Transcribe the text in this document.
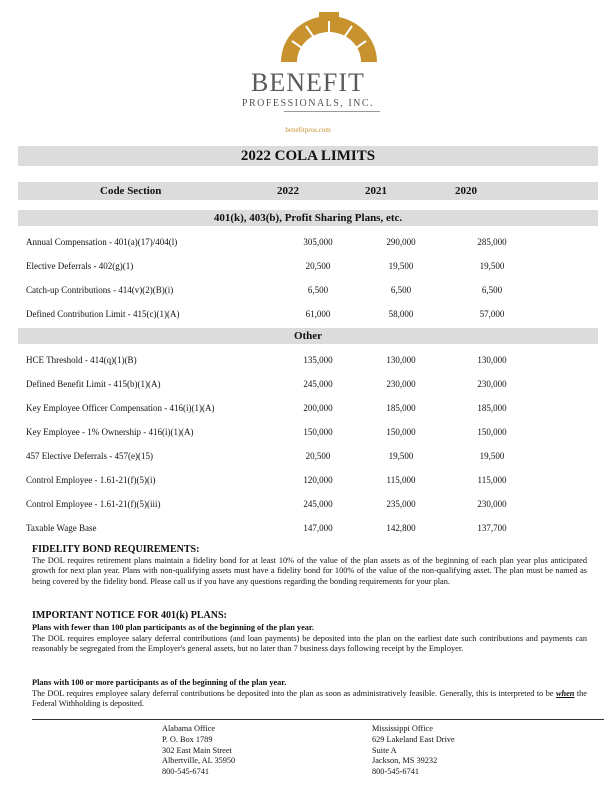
BENEFIT
PROFESSIONALS, INC.
benefitpros.com
2022 COLA LIMITS
Code Section	2022	2021	2020
401(k), 403(b), Profit Sharing Plans, etc.
Annual Compensation - 401(a)(17)/404(l)	305,000	290,000	285,000
Elective Deferrals - 402(g)(1)	20,500	19,500	19,500
Catch-up Contributions - 414(v)(2)(B)(i)	6,500	6,500	6,500
Defined Contribution Limit - 415(c)(1)(A)	61,000	58,000	57,000
Other
HCE Threshold - 414(q)(1)(B)	135,000	130,000	130,000
Defined Benefit Limit - 415(b)(1)(A)	245,000	230,000	230,000
Key Employee Officer Compensation - 416(i)(1)(A)	200,000	185,000	185,000
Key Employee - 1% Ownership - 416(i)(1)(A)	150,000	150,000	150,000
457 Elective Deferrals - 457(e)(15)	20,500	19,500	19,500
Control Employee - 1.61-21(f)(5)(i)	120,000	115,000	115,000
Control Employee - 1.61-21(f)(5)(iii)	245,000	235,000	230,000
Taxable Wage Base	147,000	142,800	137,700
FIDELITY BOND REQUIREMENTS:
The DOL requires retirement plans maintain a fidelity bond for at least 10% of the value of the plan assets as of the beginning of each plan year plus anticipated growth for next plan year. Plans with non-qualifying assets must have a fidelity bond for 100% of the value of the non-qualifying asset. The plan must be named as being covered by the fidelity bond. Please call us if you have any questions regarding the bonding requirements for your plan.
IMPORTANT NOTICE FOR 401(k) PLANS:
Plans with fewer than 100 plan participants as of the beginning of the plan year.
The DOL requires employee salary deferral contributions (and loan payments) be deposited into the plan on the earliest date such contributions and payments can reasonably be segregated from the Employer's general assets, but no later than 7 business days following receipt by the Employer.
Plans with 100 or more participants as of the beginning of the plan year.
The DOL requires employee salary deferral contributions be deposited into the plan as soon as administratively feasible. Generally, this is interpreted to be when the Federal Withholding is deposited.
Alabama Office
P. O. Box 1789
302 East Main Street
Albertville, AL 35950
800-545-6741
Mississippi Office
629 Lakeland East Drive
Suite A
Jackson, MS 39232
800-545-6741
